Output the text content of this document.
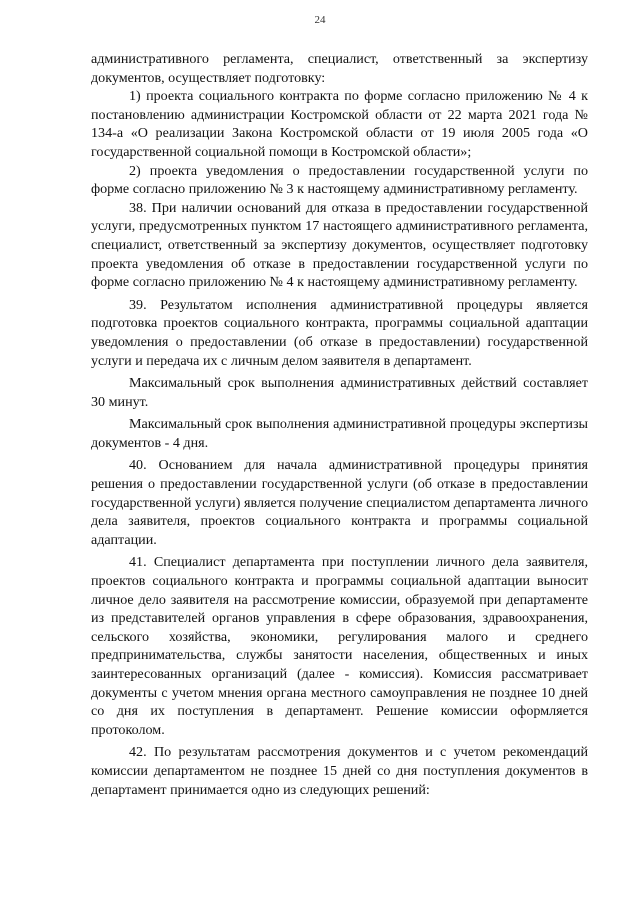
24

административного регламента, специалист, ответственный за экспертизу документов, осуществляет подготовку:

1) проекта социального контракта по форме согласно приложению № 4 к постановлению администрации Костромской области от 22 марта 2021 года № 134-а «О реализации Закона Костромской области от 19 июля 2005 года «О государственной социальной помощи в Костромской области»;

2) проекта уведомления о предоставлении государственной услуги по форме согласно приложению № 3 к настоящему административному регламенту.

38. При наличии оснований для отказа в предоставлении государственной услуги, предусмотренных пунктом 17 настоящего административного регламента, специалист, ответственный за экспертизу документов, осуществляет подготовку проекта уведомления об отказе в предоставлении государственной услуги по форме согласно приложению № 4 к настоящему административному регламенту.

39. Результатом исполнения административной процедуры является подготовка проектов социального контракта, программы социальной адаптации уведомления о предоставлении (об отказе в предоставлении) государственной услуги и передача их с личным делом заявителя в департамент.

Максимальный срок выполнения административных действий составляет 30 минут.

Максимальный срок выполнения административной процедуры экспертизы документов - 4 дня.

40. Основанием для начала административной процедуры принятия решения о предоставлении государственной услуги (об отказе в предоставлении государственной услуги) является получение специалистом департамента личного дела заявителя, проектов социального контракта и программы социальной адаптации.

41. Специалист департамента при поступлении личного дела заявителя, проектов социального контракта и программы социальной адаптации выносит личное дело заявителя на рассмотрение комиссии, образуемой при департаменте из представителей органов управления в сфере образования, здравоохранения, сельского хозяйства, экономики, регулирования малого и среднего предпринимательства, службы занятости населения, общественных и иных заинтересованных организаций (далее - комиссия). Комиссия рассматривает документы с учетом мнения органа местного самоуправления не позднее 10 дней со дня их поступления в департамент. Решение комиссии оформляется протоколом.

42. По результатам рассмотрения документов и с учетом рекомендаций комиссии департаментом не позднее 15 дней со дня поступления документов в департамент принимается одно из следующих решений:
